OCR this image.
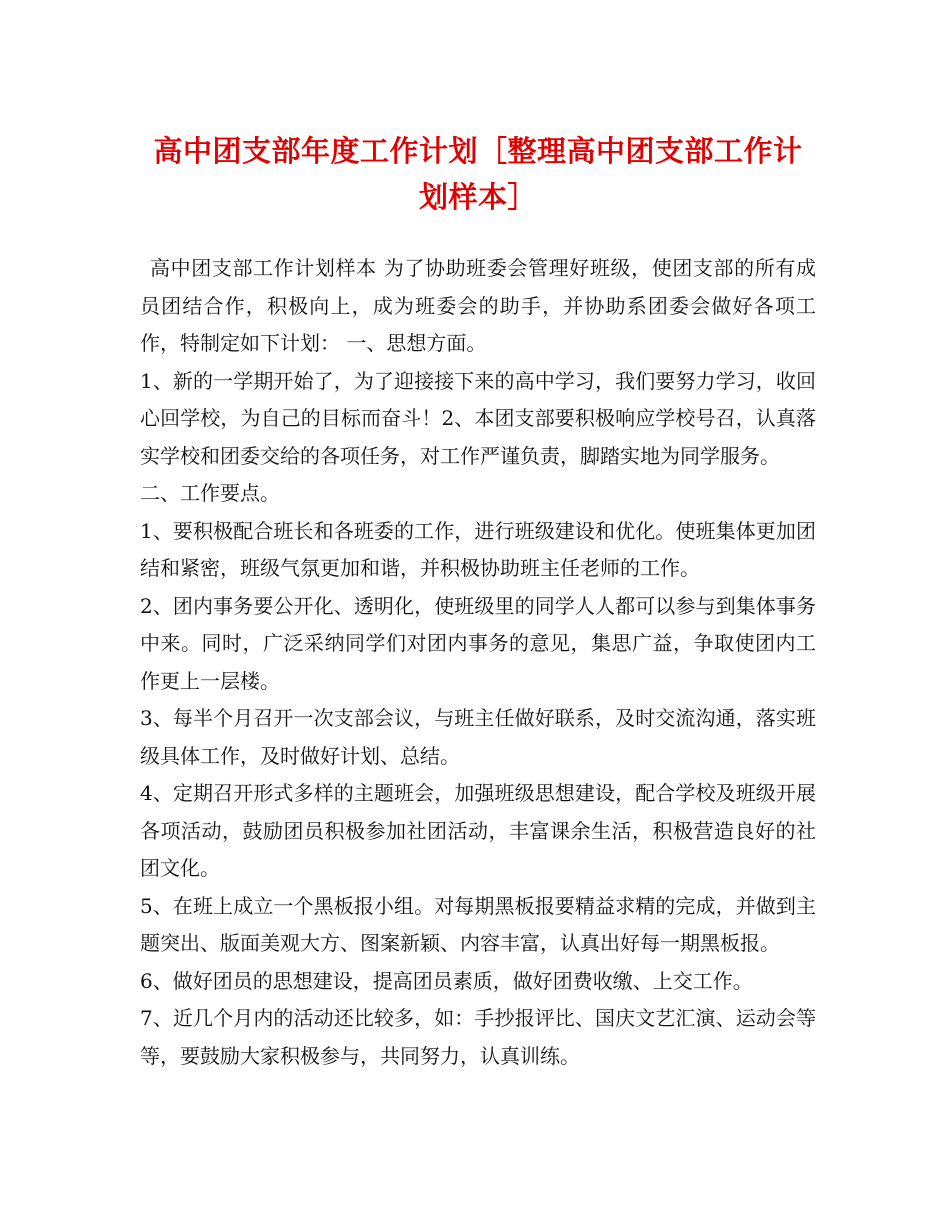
高中团支部年度工作计划［整理高中团支部工作计划样本］

高中团支部工作计划样本 为了协助班委会管理好班级，使团支部的所有成员团结合作，积极向上，成为班委会的助手，并协助系团委会做好各项工作，特制定如下计划： 一、思想方面。

1、新的一学期开始了，为了迎接接下来的高中学习，我们要努力学习，收回心回学校，为自己的目标而奋斗！2、本团支部要积极响应学校号召，认真落实学校和团委交给的各项任务，对工作严谨负责，脚踏实地为同学服务。

二、工作要点。

1、要积极配合班长和各班委的工作，进行班级建设和优化。使班集体更加团结和紧密，班级气氛更加和谐，并积极协助班主任老师的工作。

2、团内事务要公开化、透明化，使班级里的同学人人都可以参与到集体事务中来。同时，广泛采纳同学们对团内事务的意见，集思广益，争取使团内工作更上一层楼。

3、每半个月召开一次支部会议，与班主任做好联系，及时交流沟通，落实班级具体工作，及时做好计划、总结。

4、定期召开形式多样的主题班会，加强班级思想建设，配合学校及班级开展各项活动，鼓励团员积极参加社团活动，丰富课余生活，积极营造良好的社团文化。

5、在班上成立一个黑板报小组。对每期黑板报要精益求精的完成，并做到主题突出、版面美观大方、图案新颖、内容丰富，认真出好每一期黑板报。

6、做好团员的思想建设，提高团员素质，做好团费收缴、上交工作。

7、近几个月内的活动还比较多，如：手抄报评比、国庆文艺汇演、运动会等等，要鼓励大家积极参与，共同努力，认真训练。
